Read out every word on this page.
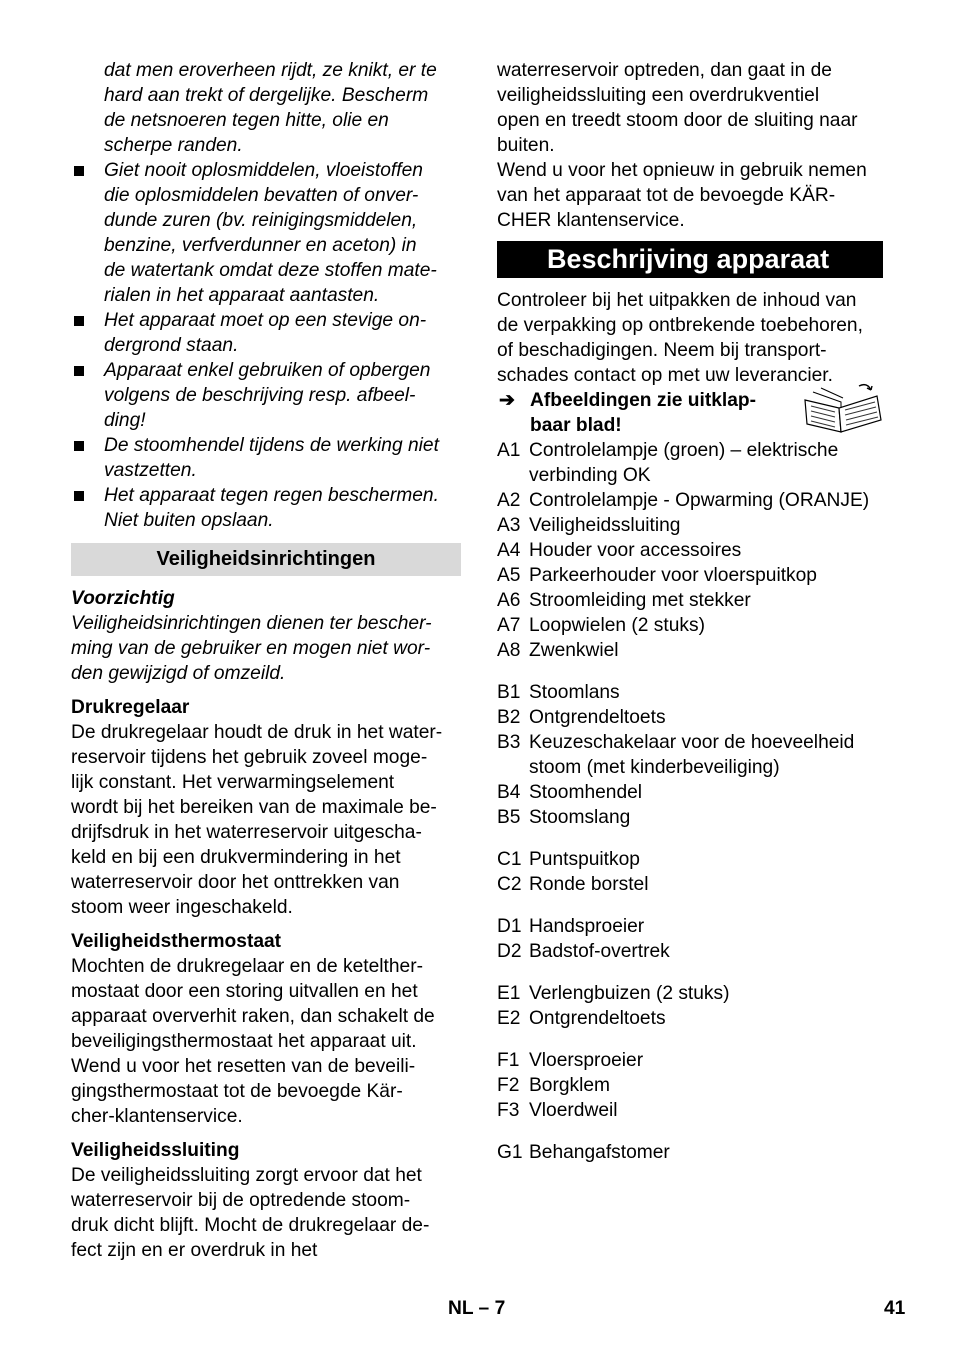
dat men eroverheen rijdt, ze knikt, er te
hard aan trekt of dergelijke. Bescherm
de netsnoeren tegen hitte, olie en
scherpe randen.
Giet nooit oplosmiddelen, vloeistoffen
die oplosmiddelen bevatten of onver-
dunde zuren (bv. reinigingsmiddelen,
benzine, verfverdunner en aceton) in
de watertank omdat deze stoffen mate-
rialen in het apparaat aantasten.
Het apparaat moet op een stevige on-
dergrond staan.
Apparaat enkel gebruiken of opbergen
volgens de beschrijving resp. afbeel-
ding!
De stoomhendel tijdens de werking niet
vastzetten.
Het apparaat tegen regen beschermen.
Niet buiten opslaan.
Veiligheidsinrichtingen
Voorzichtig
Veiligheidsinrichtingen dienen ter bescher-
ming van de gebruiker en mogen niet wor-
den gewijzigd of omzeild.
Drukregelaar
De drukregelaar houdt de druk in het water-
reservoir tijdens het gebruik zoveel moge-
lijk constant. Het verwarmingselement
wordt bij het bereiken van de maximale be-
drijfsdruk in het waterreservoir uitgescha-
keld en bij een drukvermindering in het
waterreservoir door het onttrekken van
stoom weer ingeschakeld.
Veiligheidsthermostaat
Mochten de drukregelaar en de ketelther-
mostaat door een storing uitvallen en het
apparaat oververhit raken, dan schakelt de
beveiligingsthermostaat het apparaat uit.
Wend u voor het resetten van de beveili-
gingsthermostaat tot de bevoegde Kär-
cher-klantenservice.
Veiligheidssluiting
De veiligheidssluiting zorgt ervoor dat het
waterreservoir bij de optredende stoom-
druk dicht blijft. Mocht de drukregelaar de-
fect zijn en er overdruk in het
waterreservoir optreden, dan gaat in de
veiligheidssluiting een overdrukventiel
open en treedt stoom door de sluiting naar
buiten.
Wend u voor het opnieuw in gebruik nemen
van het apparaat tot de bevoegde KÄR-
CHER klantenservice.
Beschrijving apparaat
Controleer bij het uitpakken de inhoud van
de verpakking op ontbrekende toebehoren,
of beschadigingen. Neem bij transport-
schades contact op met uw leverancier.
➔ Afbeeldingen zie uitklap-
baar blad!
A1 Controlelampje (groen) – elektrische
verbinding OK
A2 Controlelampje - Opwarming (ORANJE)
A3 Veiligheidssluiting
A4 Houder voor accessoires
A5 Parkeerhouder voor vloerspuitkop
A6 Stroomleiding met stekker
A7 Loopwielen (2 stuks)
A8 Zwenkwiel
B1 Stoomlans
B2 Ontgrendeltoets
B3 Keuzeschakelaar voor de hoeveelheid
stoom (met kinderbeveiliging)
B4 Stoomhendel
B5 Stoomslang
C1 Puntspuitkop
C2 Ronde borstel
D1 Handsproeier
D2 Badstof-overtrek
E1 Verlengbuizen (2 stuks)
E2 Ontgrendeltoets
F1 Vloersproeier
F2 Borgklem
F3 Vloerdweil
G1 Behangafstomer
NL – 7	41
